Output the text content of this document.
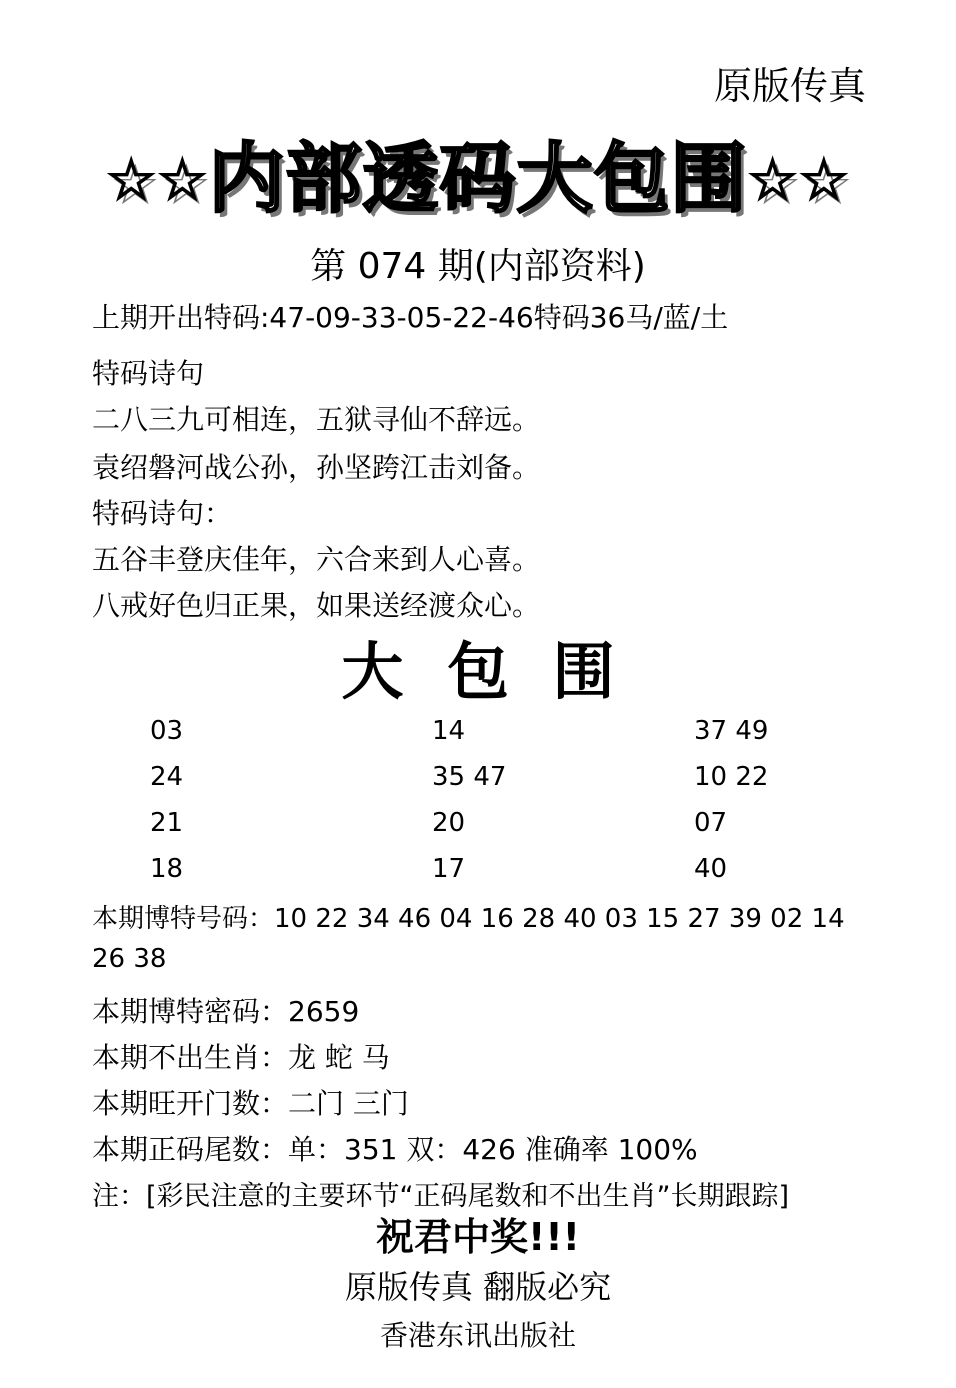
原版传真
☆☆内部透码大包围☆☆
第 074 期(内部资料)
上期开出特码:47-09-33-05-22-46特码36马/蓝/土
特码诗句
二八三九可相连，五狱寻仙不辞远。
袁绍磐河战公孙，孙坚跨江击刘备。
特码诗句：
五谷丰登庆佳年，六合来到人心喜。
八戒好色归正果，如果送经渡众心。
大 包 围
03	14	37 49
24	35 47	10 22
21	20	07
18	17	40
本期博特号码：10 22 34 46 04 16 28 40 03 15 27 39 02 14
26 38
本期博特密码：2659
本期不出生肖：龙 蛇 马
本期旺开门数：二门 三门
本期正码尾数：单：351 双：426 准确率 100%
注：[彩民注意的主要环节“正码尾数和不出生肖”长期跟踪]
祝君中奖!!!
原版传真 翻版必究
香港东讯出版社
